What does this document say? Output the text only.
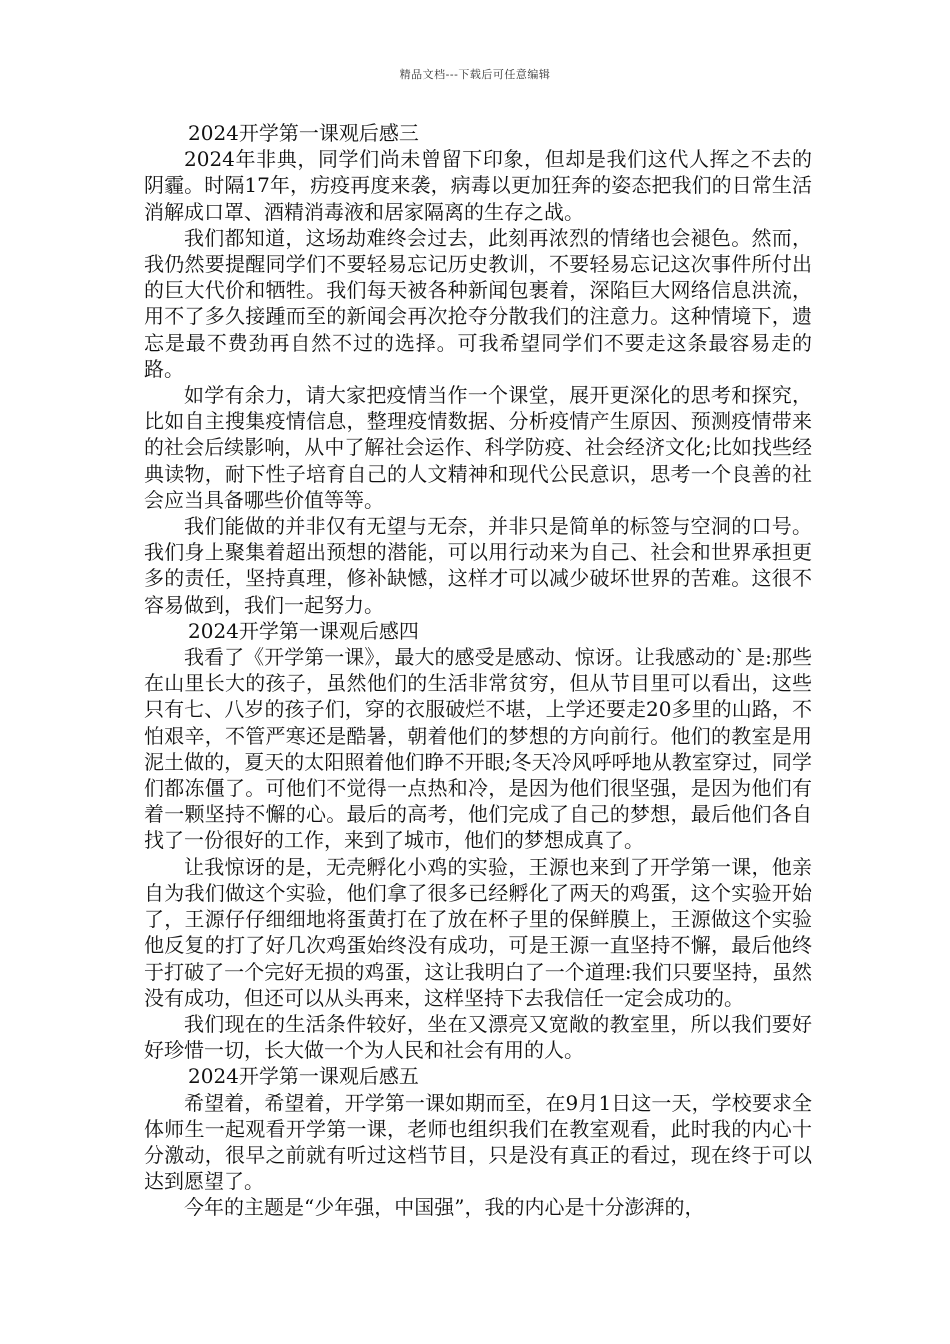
精品文档---下载后可任意编辑

2024开学第一课观后感三

2024年非典，同学们尚未曾留下印象，但却是我们这代人挥之不去的阴霾。时隔17年，疠疫再度来袭，病毒以更加狂奔的姿态把我们的日常生活消解成口罩、酒精消毒液和居家隔离的生存之战。

我们都知道，这场劫难终会过去，此刻再浓烈的情绪也会褪色。然而，我仍然要提醒同学们不要轻易忘记历史教训，不要轻易忘记这次事件所付出的巨大代价和牺牲。我们每天被各种新闻包裹着，深陷巨大网络信息洪流，用不了多久接踵而至的新闻会再次抢夺分散我们的注意力。这种情境下，遗忘是最不费劲再自然不过的选择。可我希望同学们不要走这条最容易走的路。

如学有余力，请大家把疫情当作一个课堂，展开更深化的思考和探究，比如自主搜集疫情信息，整理疫情数据、分析疫情产生原因、预测疫情带来的社会后续影响，从中了解社会运作、科学防疫、社会经济文化;比如找些经典读物，耐下性子培育自己的人文精神和现代公民意识，思考一个良善的社会应当具备哪些价值等等。

我们能做的并非仅有无望与无奈，并非只是简单的标签与空洞的口号。我们身上聚集着超出预想的潜能，可以用行动来为自己、社会和世界承担更多的责任，坚持真理，修补缺憾，这样才可以减少破坏世界的苦难。这很不容易做到，我们一起努力。

2024开学第一课观后感四

我看了《开学第一课》，最大的感受是感动、惊讶。让我感动的`是:那些在山里长大的孩子，虽然他们的生活非常贫穷，但从节目里可以看出，这些只有七、八岁的孩子们，穿的衣服破烂不堪，上学还要走20多里的山路，不怕艰辛，不管严寒还是酷暑，朝着他们的梦想的方向前行。他们的教室是用泥土做的，夏天的太阳照着他们睁不开眼;冬天冷风呼呼地从教室穿过，同学们都冻僵了。可他们不觉得一点热和冷，是因为他们很坚强，是因为他们有着一颗坚持不懈的心。最后的高考，他们完成了自己的梦想，最后他们各自找了一份很好的工作，来到了城市，他们的梦想成真了。

让我惊讶的是，无壳孵化小鸡的实验，王源也来到了开学第一课，他亲自为我们做这个实验，他们拿了很多已经孵化了两天的鸡蛋，这个实验开始了，王源仔仔细细地将蛋黄打在了放在杯子里的保鲜膜上，王源做这个实验他反复的打了好几次鸡蛋始终没有成功，可是王源一直坚持不懈，最后他终于打破了一个完好无损的鸡蛋，这让我明白了一个道理:我们只要坚持，虽然没有成功，但还可以从头再来，这样坚持下去我信任一定会成功的。

我们现在的生活条件较好，坐在又漂亮又宽敞的教室里，所以我们要好好珍惜一切，长大做一个为人民和社会有用的人。

2024开学第一课观后感五

希望着，希望着，开学第一课如期而至，在9月1日这一天，学校要求全体师生一起观看开学第一课，老师也组织我们在教室观看，此时我的内心十分激动，很早之前就有听过这档节目，只是没有真正的看过，现在终于可以达到愿望了。

今年的主题是“少年强，中国强”，我的内心是十分澎湃的，
